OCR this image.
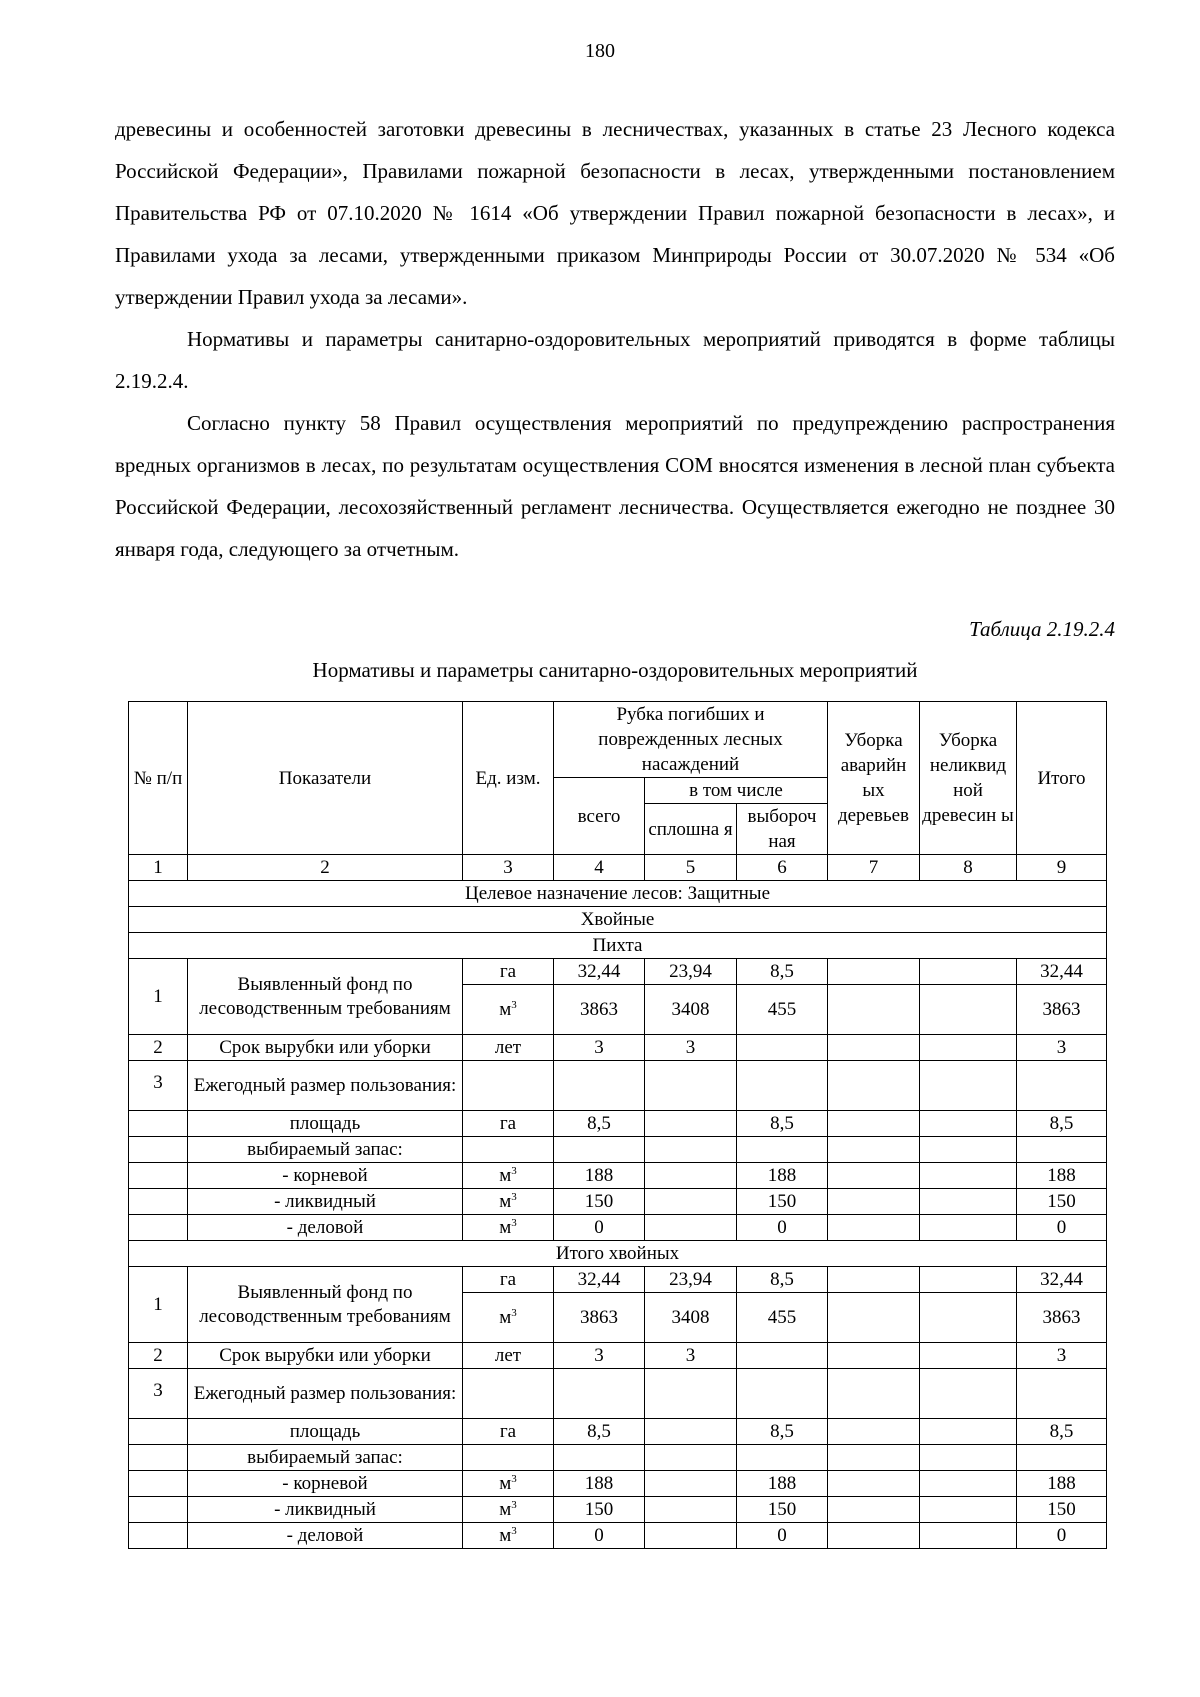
180

древесины и особенностей заготовки древесины в лесничествах, указанных в статье 23 Лесного кодекса Российской Федерации», Правилами пожарной безопасности в лесах, утвержденными постановлением Правительства РФ от 07.10.2020 № 1614 «Об утверждении Правил пожарной безопасности в лесах», и Правилами ухода за лесами, утвержденными приказом Минприроды России от 30.07.2020 № 534 «Об утверждении Правил ухода за лесами».

Нормативы и параметры санитарно-оздоровительных мероприятий приводятся в форме таблицы 2.19.2.4.

Согласно пункту 58 Правил осуществления мероприятий по предупреждению распространения вредных организмов в лесах, по результатам осуществления СОМ вносятся изменения в лесной план субъекта Российской Федерации, лесохозяйственный регламент лесничества. Осуществляется ежегодно не позднее 30 января года, следующего за отчетным.

Таблица 2.19.2.4
Нормативы и параметры санитарно-оздоровительных мероприятий
№ п/п	Показатели	Ед. изм.	Рубка погибших и поврежденных лесных насаждений			Уборка аварийн ых деревьев	Уборка неликвид ной древесин ы	Итого
			всего	в том числе				
				сплошна я	выбороч ная			
1	2	3	4	5	6	7	8	9
Целевое назначение лесов: Защитные								
Хвойные								
Пихта								
1	Выявленный фонд по лесоводственным требованиям	га	32,44	23,94	8,5			32,44
		$м^3$	3863	3408	455			3863
2	Срок вырубки или уборки	лет	3	3				3
3	Ежегодный размер пользования:							
	площадь	га	8,5		8,5			8,5
	выбираемый запас:							
	- корневой	$м^3$	188		188			188
	- ликвидный	$м^3$	150		150			150
	- деловой	$м^3$	0		0			0
Итого хвойных								
1	Выявленный фонд по лесоводственным требованиям	га	32,44	23,94	8,5			32,44
		$м^3$	3863	3408	455			3863
2	Срок вырубки или уборки	лет	3	3				3
3	Ежегодный размер пользования:							
	площадь	га	8,5		8,5			8,5
	выбираемый запас:							
	- корневой	$м^3$	188		188			188
	- ликвидный	$м^3$	150		150			150
	- деловой	$м^3$	0		0			0
